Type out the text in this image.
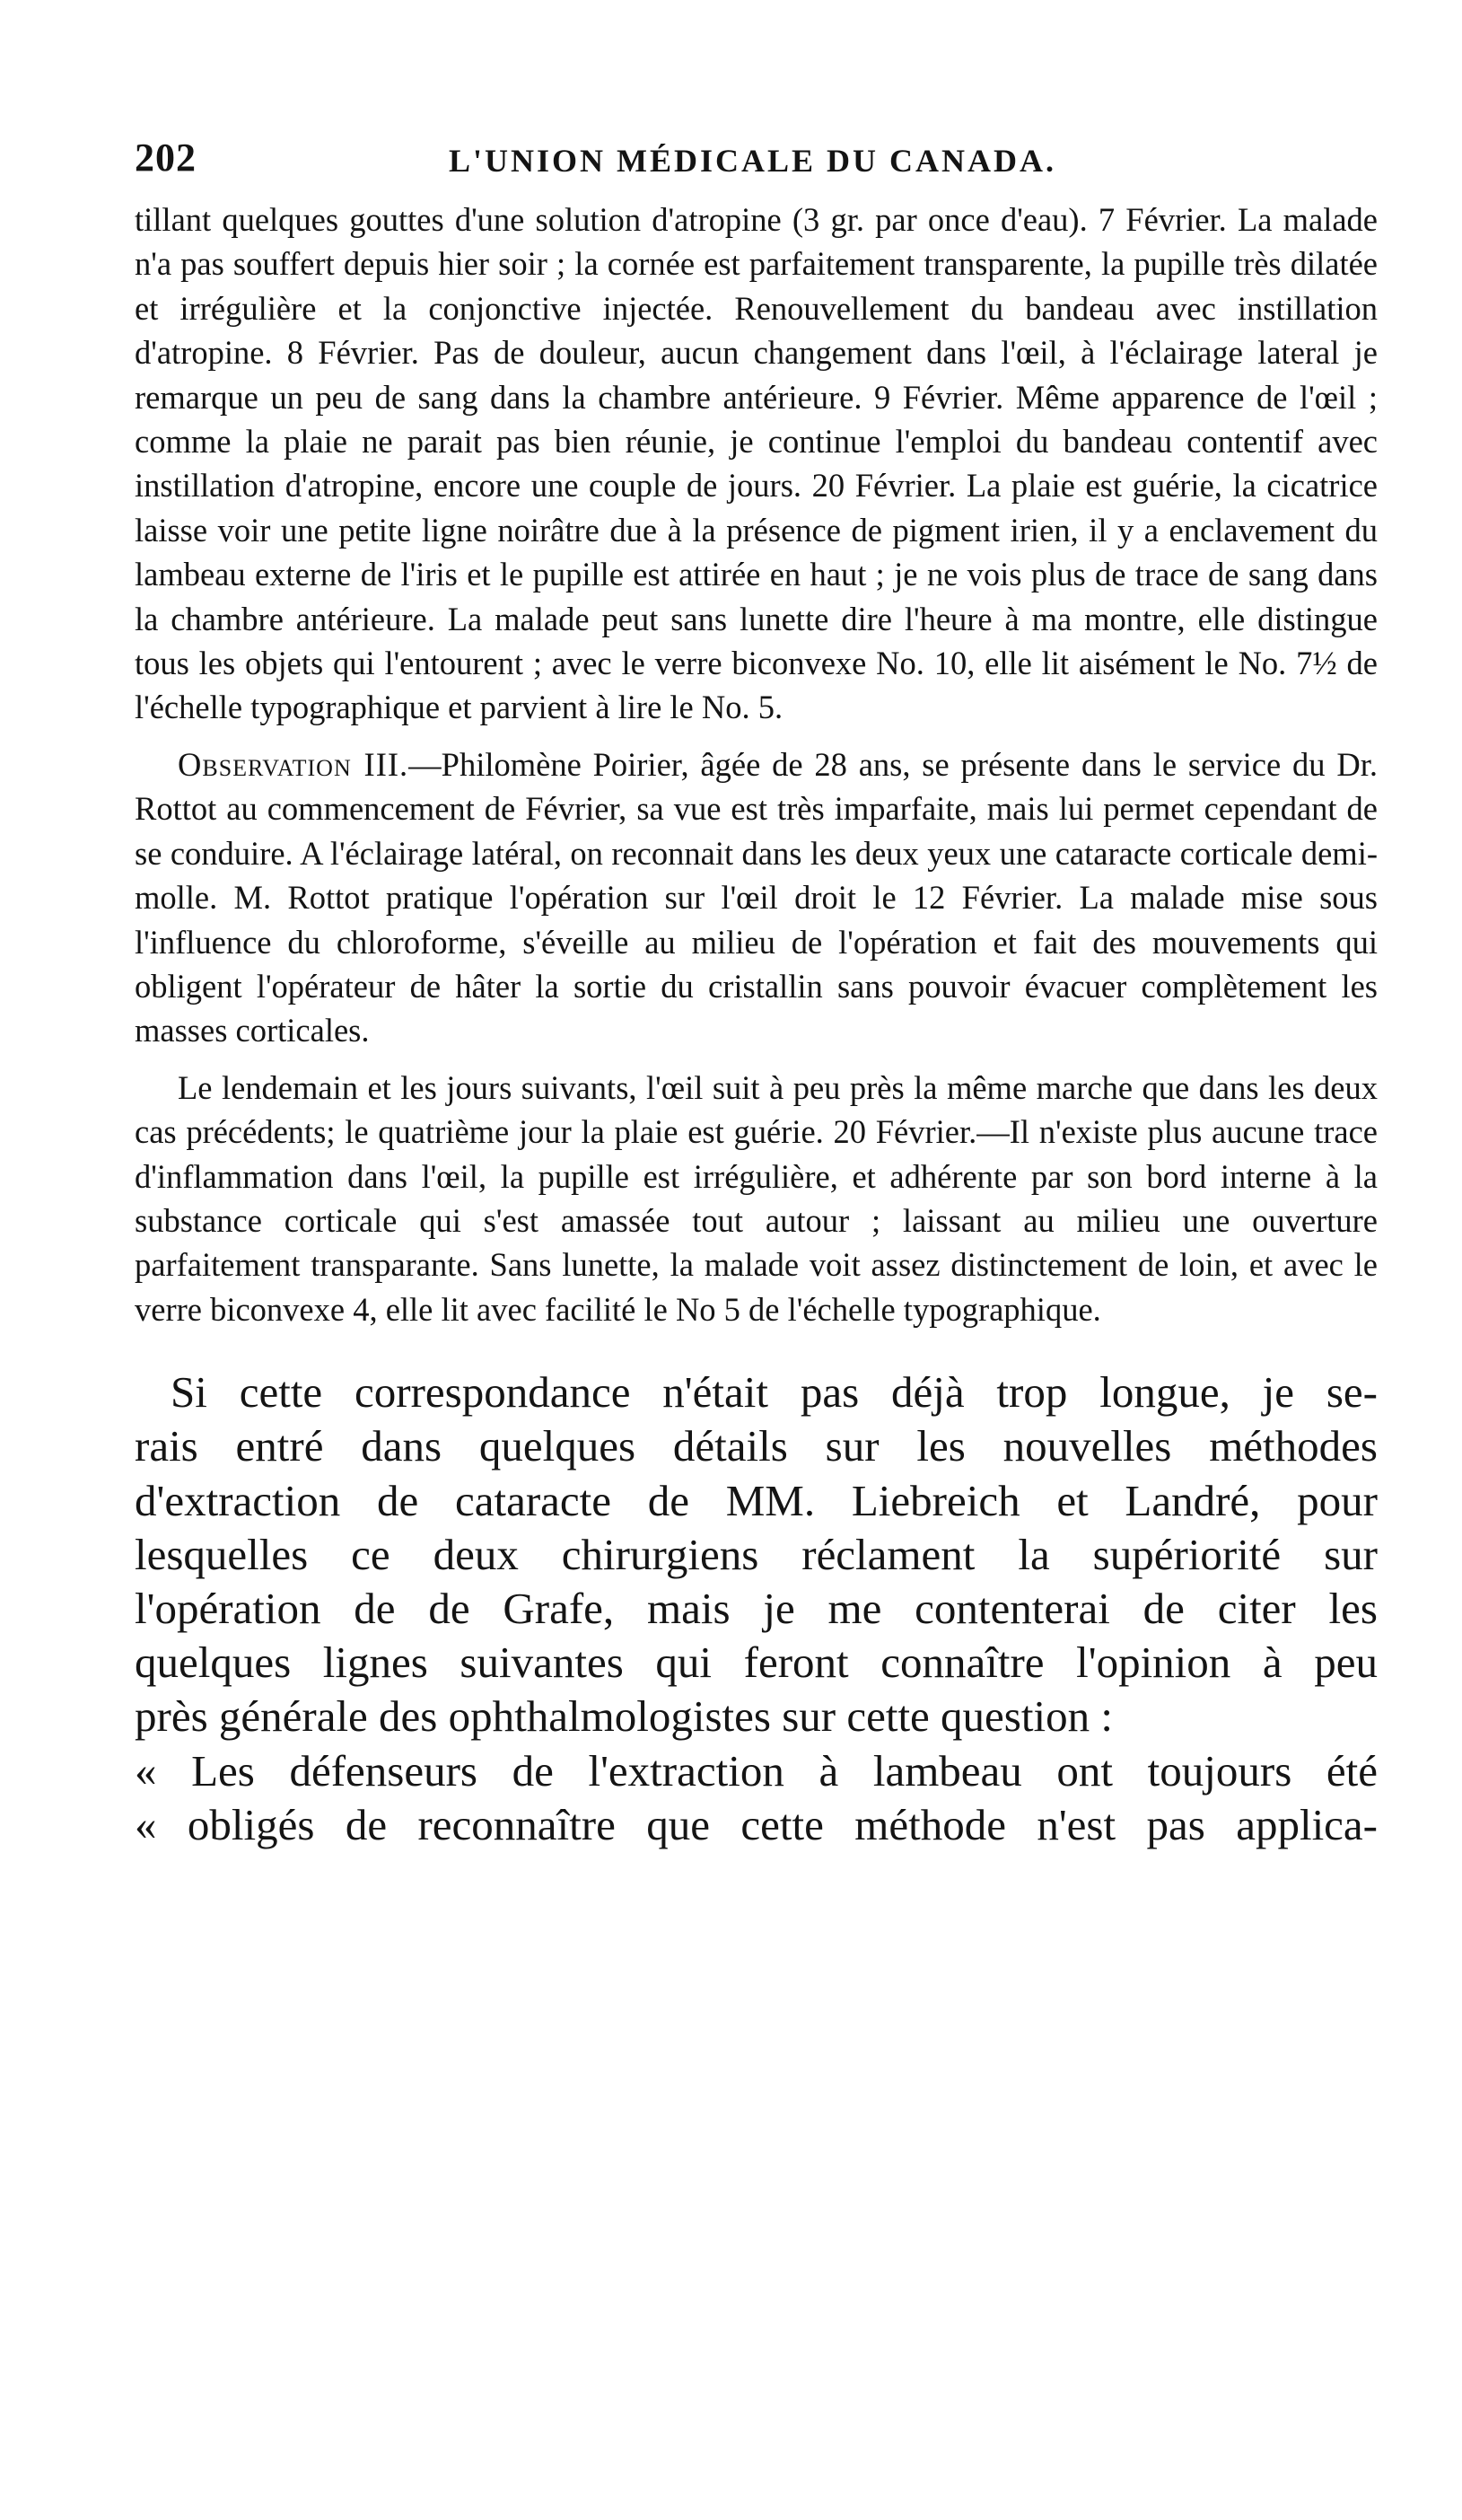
202	L'UNION MÉDICALE DU CANADA.

tillant quelques gouttes d'une solution d'atropine (3 gr. par once d'eau). 7 Février. La malade n'a pas souffert depuis hier soir ; la cornée est parfaitement transparente, la pupille très dilatée et irrégulière et la conjonctive injectée. Renouvellement du bandeau avec instillation d'atropine. 8 Février. Pas de douleur, aucun changement dans l'œil, à l'éclairage lateral je remarque un peu de sang dans la chambre antérieure. 9 Février. Même apparence de l'œil ; comme la plaie ne parait pas bien réunie, je continue l'emploi du bandeau contentif avec instillation d'atropine, encore une couple de jours. 20 Février. La plaie est guérie, la cicatrice laisse voir une petite ligne noirâtre due à la présence de pigment irien, il y a enclavement du lambeau externe de l'iris et le pupille est attirée en haut ; je ne vois plus de trace de sang dans la chambre antérieure. La malade peut sans lunette dire l'heure à ma montre, elle distingue tous les objets qui l'entourent ; avec le verre biconvexe No. 10, elle lit aisément le No. 7½ de l'échelle typographique et parvient à lire le No. 5.

Observation III.—Philomène Poirier, âgée de 28 ans, se présente dans le service du Dr. Rottot au commencement de Février, sa vue est très imparfaite, mais lui permet cependant de se conduire. A l'éclairage latéral, on reconnait dans les deux yeux une cataracte corticale demi-molle. M. Rottot pratique l'opération sur l'œil droit le 12 Février. La malade mise sous l'influence du chloroforme, s'éveille au milieu de l'opération et fait des mouvements qui obligent l'opérateur de hâter la sortie du cristallin sans pouvoir évacuer complètement les masses corticales.

Le lendemain et les jours suivants, l'œil suit à peu près la même marche que dans les deux cas précédents; le quatrième jour la plaie est guérie. 20 Février.—Il n'existe plus aucune trace d'inflammation dans l'œil, la pupille est irrégulière, et adhérente par son bord interne à la substance corticale qui s'est amassée tout autour ; laissant au milieu une ouverture parfaitement transparante. Sans lunette, la malade voit assez distinctement de loin, et avec le verre biconvexe 4, elle lit avec facilité le No 5 de l'échelle typographique.

Si cette correspondance n'était pas déjà trop longue, je se-
rais entré dans quelques détails sur les nouvelles méthodes
d'extraction de cataracte de MM. Liebreich et Landré, pour
lesquelles ce deux chirurgiens réclament la supériorité sur
l'opération de de Grafe, mais je me contenterai de citer les
quelques lignes suivantes qui feront connaître l'opinion à peu
près générale des ophthalmologistes sur cette question :
« Les défenseurs de l'extraction à lambeau ont toujours été
« obligés de reconnaître que cette méthode n'est pas applica-
